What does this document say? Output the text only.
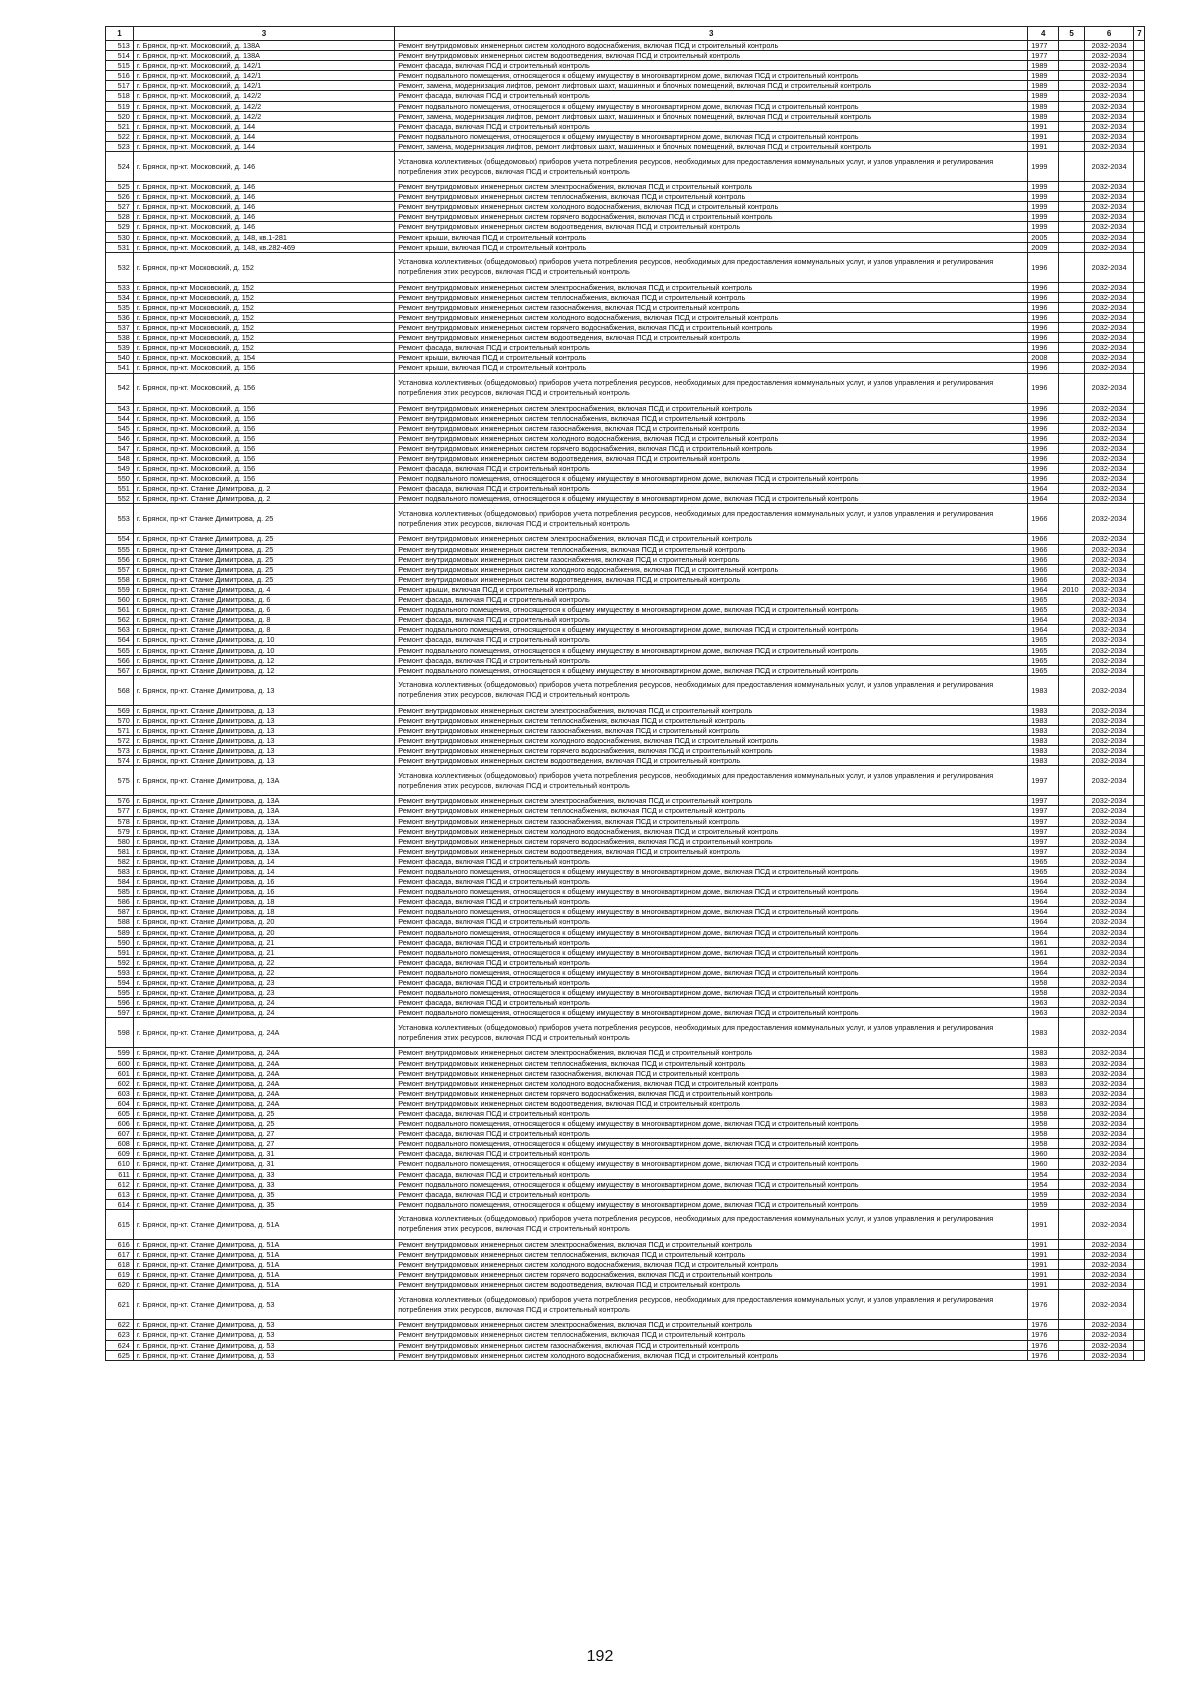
1	3	3	4	5	6	7
513	г. Брянск, пр-кт. Московский, д. 138А	Ремонт внутридомовых инженерных систем холодного водоснабжения, включая ПСД и строительный контроль	1977		2032-2034	
514	г. Брянск, пр-кт. Московский, д. 138А	Ремонт внутридомовых инженерных систем водоотведения, включая ПСД и строительный контроль	1977		2032-2034	
515	г. Брянск, пр-кт. Московский, д. 142/1	Ремонт фасада, включая ПСД и строительный контроль	1989		2032-2034	
516	г. Брянск, пр-кт. Московский, д. 142/1	Ремонт подвального помещения, относящегося к общему имуществу в многоквартирном доме, включая ПСД и строительный контроль	1989		2032-2034	
517	г. Брянск, пр-кт. Московский, д. 142/1	Ремонт, замена, модернизация лифтов, ремонт лифтовых шахт, машинных и блочных помещений, включая ПСД и строительный контроль	1989		2032-2034	
518	г. Брянск, пр-кт. Московский, д. 142/2	Ремонт фасада, включая ПСД и строительный контроль	1989		2032-2034	
519	г. Брянск, пр-кт. Московский, д. 142/2	Ремонт подвального помещения, относящегося к общему имуществу в многоквартирном доме, включая ПСД и строительный контроль	1989		2032-2034	
520	г. Брянск, пр-кт. Московский, д. 142/2	Ремонт, замена, модернизация лифтов, ремонт лифтовых шахт, машинных и блочных помещений, включая ПСД и строительный контроль	1989		2032-2034	
521	г. Брянск, пр-кт. Московский, д. 144	Ремонт фасада, включая ПСД и строительный контроль	1991		2032-2034	
522	г. Брянск, пр-кт. Московский, д. 144	Ремонт подвального помещения, относящегося к общему имуществу в многоквартирном доме, включая ПСД и строительный контроль	1991		2032-2034	
523	г. Брянск, пр-кт. Московский, д. 144	Ремонт, замена, модернизация лифтов, ремонт лифтовых шахт, машинных и блочных помещений, включая ПСД и строительный контроль	1991		2032-2034	
524	г. Брянск, пр-кт. Московский, д. 146	Установка коллективных (общедомовых) приборов учета потребления ресурсов, необходимых для предоставления коммунальных услуг, и узлов управления и регулирования потребления этих ресурсов, включая ПСД и строительный контроль	1999		2032-2034	
525	г. Брянск, пр-кт. Московский, д. 146	Ремонт внутридомовых инженерных систем электроснабжения, включая ПСД и строительный контроль	1999		2032-2034	
526	г. Брянск, пр-кт. Московский, д. 146	Ремонт внутридомовых инженерных систем теплоснабжения, включая ПСД и строительный контроль	1999		2032-2034	
527	г. Брянск, пр-кт. Московский, д. 146	Ремонт внутридомовых инженерных систем холодного водоснабжения, включая ПСД и строительный контроль	1999		2032-2034	
528	г. Брянск, пр-кт. Московский, д. 146	Ремонт внутридомовых инженерных систем горячего водоснабжения, включая ПСД и строительный контроль	1999		2032-2034	
529	г. Брянск, пр-кт. Московский, д. 146	Ремонт внутридомовых инженерных систем водоотведения, включая ПСД и строительный контроль	1999		2032-2034	
530	г. Брянск, пр-кт. Московский, д. 148, кв.1-281	Ремонт крыши, включая ПСД и строительный контроль	2005		2032-2034	
531	г. Брянск, пр-кт. Московский, д. 148, кв.282-469	Ремонт крыши, включая ПСД и строительный контроль	2009		2032-2034	
532	г. Брянск, пр-кт Московский, д. 152	Установка коллективных (общедомовых) приборов учета потребления ресурсов, необходимых для предоставления коммунальных услуг, и узлов управления и регулирования потребления этих ресурсов, включая ПСД и строительный контроль	1996		2032-2034	
533	г. Брянск, пр-кт Московский, д. 152	Ремонт внутридомовых инженерных систем электроснабжения, включая ПСД и строительный контроль	1996		2032-2034	
534	г. Брянск, пр-кт Московский, д. 152	Ремонт внутридомовых инженерных систем теплоснабжения, включая ПСД и строительный контроль	1996		2032-2034	
535	г. Брянск, пр-кт Московский, д. 152	Ремонт внутридомовых инженерных систем газоснабжения, включая ПСД и строительный контроль	1996		2032-2034	
536	г. Брянск, пр-кт Московский, д. 152	Ремонт внутридомовых инженерных систем холодного водоснабжения, включая ПСД и строительный контроль	1996		2032-2034	
537	г. Брянск, пр-кт Московский, д. 152	Ремонт внутридомовых инженерных систем горячего водоснабжения, включая ПСД и строительный контроль	1996		2032-2034	
538	г. Брянск, пр-кт Московский, д. 152	Ремонт внутридомовых инженерных систем водоотведения, включая ПСД и строительный контроль	1996		2032-2034	
539	г. Брянск, пр-кт Московский, д. 152	Ремонт фасада, включая ПСД и строительный контроль	1996		2032-2034	
540	г. Брянск, пр-кт. Московский, д. 154	Ремонт крыши, включая ПСД и строительный контроль	2008		2032-2034	
541	г. Брянск, пр-кт. Московский, д. 156	Ремонт крыши, включая ПСД и строительный контроль	1996		2032-2034	
542	г. Брянск, пр-кт. Московский, д. 156	Установка коллективных (общедомовых) приборов учета потребления ресурсов, необходимых для предоставления коммунальных услуг, и узлов управления и регулирования потребления этих ресурсов, включая ПСД и строительный контроль	1996		2032-2034	
543	г. Брянск, пр-кт. Московский, д. 156	Ремонт внутридомовых инженерных систем электроснабжения, включая ПСД и строительный контроль	1996		2032-2034	
544	г. Брянск, пр-кт. Московский, д. 156	Ремонт внутридомовых инженерных систем теплоснабжения, включая ПСД и строительный контроль	1996		2032-2034	
545	г. Брянск, пр-кт. Московский, д. 156	Ремонт внутридомовых инженерных систем газоснабжения, включая ПСД и строительный контроль	1996		2032-2034	
546	г. Брянск, пр-кт. Московский, д. 156	Ремонт внутридомовых инженерных систем холодного водоснабжения, включая ПСД и строительный контроль	1996		2032-2034	
547	г. Брянск, пр-кт. Московский, д. 156	Ремонт внутридомовых инженерных систем горячего водоснабжения, включая ПСД и строительный контроль	1996		2032-2034	
548	г. Брянск, пр-кт. Московский, д. 156	Ремонт внутридомовых инженерных систем водоотведения, включая ПСД и строительный контроль	1996		2032-2034	
549	г. Брянск, пр-кт. Московский, д. 156	Ремонт фасада, включая ПСД и строительный контроль	1996		2032-2034	
550	г. Брянск, пр-кт. Московский, д. 156	Ремонт подвального помещения, относящегося к общему имуществу в многоквартирном доме, включая ПСД и строительный контроль	1996		2032-2034	
551	г. Брянск, пр-кт. Станке Димитрова, д. 2	Ремонт фасада, включая ПСД и строительный контроль	1964		2032-2034	
552	г. Брянск, пр-кт. Станке Димитрова, д. 2	Ремонт подвального помещения, относящегося к общему имуществу в многоквартирном доме, включая ПСД и строительный контроль	1964		2032-2034	
553	г. Брянск, пр-кт Станке Димитрова, д. 25	Установка коллективных (общедомовых) приборов учета потребления ресурсов, необходимых для предоставления коммунальных услуг, и узлов управления и регулирования потребления этих ресурсов, включая ПСД и строительный контроль	1966		2032-2034	
554	г. Брянск, пр-кт Станке Димитрова, д. 25	Ремонт внутридомовых инженерных систем электроснабжения, включая ПСД и строительный контроль	1966		2032-2034	
555	г. Брянск, пр-кт Станке Димитрова, д. 25	Ремонт внутридомовых инженерных систем теплоснабжения, включая ПСД и строительный контроль	1966		2032-2034	
556	г. Брянск, пр-кт Станке Димитрова, д. 25	Ремонт внутридомовых инженерных систем газоснабжения, включая ПСД и строительный контроль	1966		2032-2034	
557	г. Брянск, пр-кт Станке Димитрова, д. 25	Ремонт внутридомовых инженерных систем холодного водоснабжения, включая ПСД и строительный контроль	1966		2032-2034	
558	г. Брянск, пр-кт Станке Димитрова, д. 25	Ремонт внутридомовых инженерных систем водоотведения, включая ПСД и строительный контроль	1966		2032-2034	
559	г. Брянск, пр-кт. Станке Димитрова, д. 4	Ремонт крыши, включая ПСД и строительный контроль	1964	2010	2032-2034	
560	г. Брянск, пр-кт. Станке Димитрова, д. 6	Ремонт фасада, включая ПСД и строительный контроль	1965		2032-2034	
561	г. Брянск, пр-кт. Станке Димитрова, д. 6	Ремонт подвального помещения, относящегося к общему имуществу в многоквартирном доме, включая ПСД и строительный контроль	1965		2032-2034	
562	г. Брянск, пр-кт. Станке Димитрова, д. 8	Ремонт фасада, включая ПСД и строительный контроль	1964		2032-2034	
563	г. Брянск, пр-кт. Станке Димитрова, д. 8	Ремонт подвального помещения, относящегося к общему имуществу в многоквартирном доме, включая ПСД и строительный контроль	1964		2032-2034	
564	г. Брянск, пр-кт. Станке Димитрова, д. 10	Ремонт фасада, включая ПСД и строительный контроль	1965		2032-2034	
565	г. Брянск, пр-кт. Станке Димитрова, д. 10	Ремонт подвального помещения, относящегося к общему имуществу в многоквартирном доме, включая ПСД и строительный контроль	1965		2032-2034	
566	г. Брянск, пр-кт. Станке Димитрова, д. 12	Ремонт фасада, включая ПСД и строительный контроль	1965		2032-2034	
567	г. Брянск, пр-кт. Станке Димитрова, д. 12	Ремонт подвального помещения, относящегося к общему имуществу в многоквартирном доме, включая ПСД и строительный контроль	1965		2032-2034	
568	г. Брянск, пр-кт. Станке Димитрова, д. 13	Установка коллективных (общедомовых) приборов учета потребления ресурсов, необходимых для предоставления коммунальных услуг, и узлов управления и регулирования потребления этих ресурсов, включая ПСД и строительный контроль	1983		2032-2034	
569	г. Брянск, пр-кт. Станке Димитрова, д. 13	Ремонт внутридомовых инженерных систем электроснабжения, включая ПСД и строительный контроль	1983		2032-2034	
570	г. Брянск, пр-кт. Станке Димитрова, д. 13	Ремонт внутридомовых инженерных систем теплоснабжения, включая ПСД и строительный контроль	1983		2032-2034	
571	г. Брянск, пр-кт. Станке Димитрова, д. 13	Ремонт внутридомовых инженерных систем газоснабжения, включая ПСД и строительный контроль	1983		2032-2034	
572	г. Брянск, пр-кт. Станке Димитрова, д. 13	Ремонт внутридомовых инженерных систем холодного водоснабжения, включая ПСД и строительный контроль	1983		2032-2034	
573	г. Брянск, пр-кт. Станке Димитрова, д. 13	Ремонт внутридомовых инженерных систем горячего водоснабжения, включая ПСД и строительный контроль	1983		2032-2034	
574	г. Брянск, пр-кт. Станке Димитрова, д. 13	Ремонт внутридомовых инженерных систем водоотведения, включая ПСД и строительный контроль	1983		2032-2034	
575	г. Брянск, пр-кт. Станке Димитрова, д. 13А	Установка коллективных (общедомовых) приборов учета потребления ресурсов, необходимых для предоставления коммунальных услуг, и узлов управления и регулирования потребления этих ресурсов, включая ПСД и строительный контроль	1997		2032-2034	
576	г. Брянск, пр-кт. Станке Димитрова, д. 13А	Ремонт внутридомовых инженерных систем электроснабжения, включая ПСД и строительный контроль	1997		2032-2034	
577	г. Брянск, пр-кт. Станке Димитрова, д. 13А	Ремонт внутридомовых инженерных систем теплоснабжения, включая ПСД и строительный контроль	1997		2032-2034	
578	г. Брянск, пр-кт. Станке Димитрова, д. 13А	Ремонт внутридомовых инженерных систем газоснабжения, включая ПСД и строительный контроль	1997		2032-2034	
579	г. Брянск, пр-кт. Станке Димитрова, д. 13А	Ремонт внутридомовых инженерных систем холодного водоснабжения, включая ПСД и строительный контроль	1997		2032-2034	
580	г. Брянск, пр-кт. Станке Димитрова, д. 13А	Ремонт внутридомовых инженерных систем горячего водоснабжения, включая ПСД и строительный контроль	1997		2032-2034	
581	г. Брянск, пр-кт. Станке Димитрова, д. 13А	Ремонт внутридомовых инженерных систем водоотведения, включая ПСД и строительный контроль	1997		2032-2034	
582	г. Брянск, пр-кт. Станке Димитрова, д. 14	Ремонт фасада, включая ПСД и строительный контроль	1965		2032-2034	
583	г. Брянск, пр-кт. Станке Димитрова, д. 14	Ремонт подвального помещения, относящегося к общему имуществу в многоквартирном доме, включая ПСД и строительный контроль	1965		2032-2034	
584	г. Брянск, пр-кт. Станке Димитрова, д. 16	Ремонт фасада, включая ПСД и строительный контроль	1964		2032-2034	
585	г. Брянск, пр-кт. Станке Димитрова, д. 16	Ремонт подвального помещения, относящегося к общему имуществу в многоквартирном доме, включая ПСД и строительный контроль	1964		2032-2034	
586	г. Брянск, пр-кт. Станке Димитрова, д. 18	Ремонт фасада, включая ПСД и строительный контроль	1964		2032-2034	
587	г. Брянск, пр-кт. Станке Димитрова, д. 18	Ремонт подвального помещения, относящегося к общему имуществу в многоквартирном доме, включая ПСД и строительный контроль	1964		2032-2034	
588	г. Брянск, пр-кт. Станке Димитрова, д. 20	Ремонт фасада, включая ПСД и строительный контроль	1964		2032-2034	
589	г. Брянск, пр-кт. Станке Димитрова, д. 20	Ремонт подвального помещения, относящегося к общему имуществу в многоквартирном доме, включая ПСД и строительный контроль	1964		2032-2034	
590	г. Брянск, пр-кт. Станке Димитрова, д. 21	Ремонт фасада, включая ПСД и строительный контроль	1961		2032-2034	
591	г. Брянск, пр-кт. Станке Димитрова, д. 21	Ремонт подвального помещения, относящегося к общему имуществу в многоквартирном доме, включая ПСД и строительный контроль	1961		2032-2034	
592	г. Брянск, пр-кт. Станке Димитрова, д. 22	Ремонт фасада, включая ПСД и строительный контроль	1964		2032-2034	
593	г. Брянск, пр-кт. Станке Димитрова, д. 22	Ремонт подвального помещения, относящегося к общему имуществу в многоквартирном доме, включая ПСД и строительный контроль	1964		2032-2034	
594	г. Брянск, пр-кт. Станке Димитрова, д. 23	Ремонт фасада, включая ПСД и строительный контроль	1958		2032-2034	
595	г. Брянск, пр-кт. Станке Димитрова, д. 23	Ремонт подвального помещения, относящегося к общему имуществу в многоквартирном доме, включая ПСД и строительный контроль	1958		2032-2034	
596	г. Брянск, пр-кт. Станке Димитрова, д. 24	Ремонт фасада, включая ПСД и строительный контроль	1963		2032-2034	
597	г. Брянск, пр-кт. Станке Димитрова, д. 24	Ремонт подвального помещения, относящегося к общему имуществу в многоквартирном доме, включая ПСД и строительный контроль	1963		2032-2034	
598	г. Брянск, пр-кт. Станке Димитрова, д. 24А	Установка коллективных (общедомовых) приборов учета потребления ресурсов, необходимых для предоставления коммунальных услуг, и узлов управления и регулирования потребления этих ресурсов, включая ПСД и строительный контроль	1983		2032-2034	
599	г. Брянск, пр-кт. Станке Димитрова, д. 24А	Ремонт внутридомовых инженерных систем электроснабжения, включая ПСД и строительный контроль	1983		2032-2034	
600	г. Брянск, пр-кт. Станке Димитрова, д. 24А	Ремонт внутридомовых инженерных систем теплоснабжения, включая ПСД и строительный контроль	1983		2032-2034	
601	г. Брянск, пр-кт. Станке Димитрова, д. 24А	Ремонт внутридомовых инженерных систем газоснабжения, включая ПСД и строительный контроль	1983		2032-2034	
602	г. Брянск, пр-кт. Станке Димитрова, д. 24А	Ремонт внутридомовых инженерных систем холодного водоснабжения, включая ПСД и строительный контроль	1983		2032-2034	
603	г. Брянск, пр-кт. Станке Димитрова, д. 24А	Ремонт внутридомовых инженерных систем горячего водоснабжения, включая ПСД и строительный контроль	1983		2032-2034	
604	г. Брянск, пр-кт. Станке Димитрова, д. 24А	Ремонт внутридомовых инженерных систем водоотведения, включая ПСД и строительный контроль	1983		2032-2034	
605	г. Брянск, пр-кт. Станке Димитрова, д. 25	Ремонт фасада, включая ПСД и строительный контроль	1958		2032-2034	
606	г. Брянск, пр-кт. Станке Димитрова, д. 25	Ремонт подвального помещения, относящегося к общему имуществу в многоквартирном доме, включая ПСД и строительный контроль	1958		2032-2034	
607	г. Брянск, пр-кт. Станке Димитрова, д. 27	Ремонт фасада, включая ПСД и строительный контроль	1958		2032-2034	
608	г. Брянск, пр-кт. Станке Димитрова, д. 27	Ремонт подвального помещения, относящегося к общему имуществу в многоквартирном доме, включая ПСД и строительный контроль	1958		2032-2034	
609	г. Брянск, пр-кт. Станке Димитрова, д. 31	Ремонт фасада, включая ПСД и строительный контроль	1960		2032-2034	
610	г. Брянск, пр-кт. Станке Димитрова, д. 31	Ремонт подвального помещения, относящегося к общему имуществу в многоквартирном доме, включая ПСД и строительный контроль	1960		2032-2034	
611	г. Брянск, пр-кт. Станке Димитрова, д. 33	Ремонт фасада, включая ПСД и строительный контроль	1954		2032-2034	
612	г. Брянск, пр-кт. Станке Димитрова, д. 33	Ремонт подвального помещения, относящегося к общему имуществу в многоквартирном доме, включая ПСД и строительный контроль	1954		2032-2034	
613	г. Брянск, пр-кт. Станке Димитрова, д. 35	Ремонт фасада, включая ПСД и строительный контроль	1959		2032-2034	
614	г. Брянск, пр-кт. Станке Димитрова, д. 35	Ремонт подвального помещения, относящегося к общему имуществу в многоквартирном доме, включая ПСД и строительный контроль	1959		2032-2034	
615	г. Брянск, пр-кт. Станке Димитрова, д. 51А	Установка коллективных (общедомовых) приборов учета потребления ресурсов, необходимых для предоставления коммунальных услуг, и узлов управления и регулирования потребления этих ресурсов, включая ПСД и строительный контроль	1991		2032-2034	
616	г. Брянск, пр-кт. Станке Димитрова, д. 51А	Ремонт внутридомовых инженерных систем электроснабжения, включая ПСД и строительный контроль	1991		2032-2034	
617	г. Брянск, пр-кт. Станке Димитрова, д. 51А	Ремонт внутридомовых инженерных систем теплоснабжения, включая ПСД и строительный контроль	1991		2032-2034	
618	г. Брянск, пр-кт. Станке Димитрова, д. 51А	Ремонт внутридомовых инженерных систем холодного водоснабжения, включая ПСД и строительный контроль	1991		2032-2034	
619	г. Брянск, пр-кт. Станке Димитрова, д. 51А	Ремонт внутридомовых инженерных систем горячего водоснабжения, включая ПСД и строительный контроль	1991		2032-2034	
620	г. Брянск, пр-кт. Станке Димитрова, д. 51А	Ремонт внутридомовых инженерных систем водоотведения, включая ПСД и строительный контроль	1991		2032-2034	
621	г. Брянск, пр-кт. Станке Димитрова, д. 53	Установка коллективных (общедомовых) приборов учета потребления ресурсов, необходимых для предоставления коммунальных услуг, и узлов управления и регулирования потребления этих ресурсов, включая ПСД и строительный контроль	1976		2032-2034	
622	г. Брянск, пр-кт. Станке Димитрова, д. 53	Ремонт внутридомовых инженерных систем электроснабжения, включая ПСД и строительный контроль	1976		2032-2034	
623	г. Брянск, пр-кт. Станке Димитрова, д. 53	Ремонт внутридомовых инженерных систем теплоснабжения, включая ПСД и строительный контроль	1976		2032-2034	
624	г. Брянск, пр-кт. Станке Димитрова, д. 53	Ремонт внутридомовых инженерных систем газоснабжения, включая ПСД и строительный контроль	1976		2032-2034	
625	г. Брянск, пр-кт. Станке Димитрова, д. 53	Ремонт внутридомовых инженерных систем холодного водоснабжения, включая ПСД и строительный контроль	1976		2032-2034	
192
